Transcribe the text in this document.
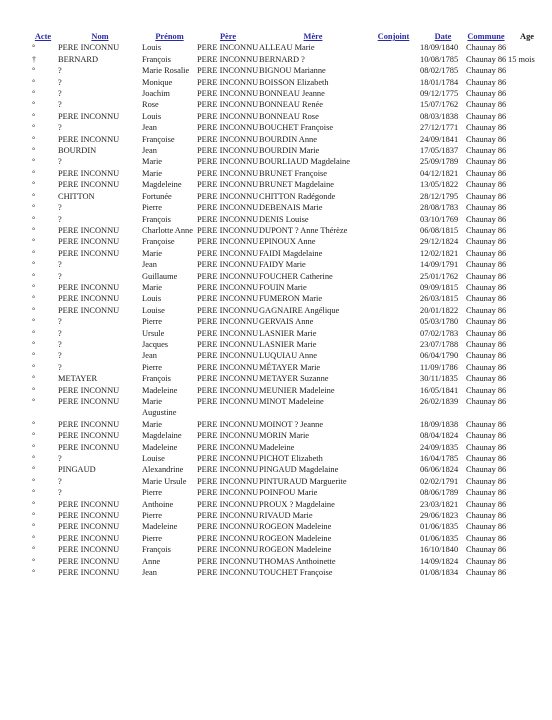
Acte	Nom	Prénom	Père	Mère	Conjoint	Date	Commune	Age
°	PERE INCONNU	Louis	PERE INCONNU	ALLEAU Marie		18/09/1840	Chaunay 86	
†	BERNARD	François	PERE INCONNU	BERNARD ?		10/08/1785	Chaunay 86	15 mois
°	?	Marie Rosalie	PERE INCONNU	BIGNOU Marianne		08/02/1785	Chaunay 86	
°	?	Monique	PERE INCONNU	BOISSON Elizabeth		18/01/1784	Chaunay 86	
°	?	Joachim	PERE INCONNU	BONNEAU Jeanne		09/12/1775	Chaunay 86	
°	?	Rose	PERE INCONNU	BONNEAU Renée		15/07/1762	Chaunay 86	
°	PERE INCONNU	Louis	PERE INCONNU	BONNEAU Rose		08/03/1838	Chaunay 86	
°	?	Jean	PERE INCONNU	BOUCHET Françoise		27/12/1771	Chaunay 86	
°	PERE INCONNU	Françoise	PERE INCONNU	BOURDIN Anne		24/09/1841	Chaunay 86	
°	BOURDIN	Jean	PERE INCONNU	BOURDIN Marie		17/05/1837	Chaunay 86	
°	?	Marie	PERE INCONNU	BOURLIAUD Magdelaine		25/09/1789	Chaunay 86	
°	PERE INCONNU	Marie	PERE INCONNU	BRUNET Françoise		04/12/1821	Chaunay 86	
°	PERE INCONNU	Magdeleine	PERE INCONNU	BRUNET Magdelaine		13/05/1822	Chaunay 86	
°	CHITTON	Fortunée	PERE INCONNU	CHITTON Radégonde		28/12/1795	Chaunay 86	
°	?	Pierre	PERE INCONNU	DEBENAIS Marie		28/08/1783	Chaunay 86	
°	?	François	PERE INCONNU	DENIS Louise		03/10/1769	Chaunay 86	
°	PERE INCONNU	Charlotte Anne	PERE INCONNU	DUPONT ? Anne Thérèze		06/08/1815	Chaunay 86	
°	PERE INCONNU	Françoise	PERE INCONNU	EPINOUX Anne		29/12/1824	Chaunay 86	
°	PERE INCONNU	Marie	PERE INCONNU	FAIDI Magdelaine		12/02/1821	Chaunay 86	
°	?	Jean	PERE INCONNU	FAIDY Marie		14/09/1791	Chaunay 86	
°	?	Guillaume	PERE INCONNU	FOUCHER Catherine		25/01/1762	Chaunay 86	
°	PERE INCONNU	Marie	PERE INCONNU	FOUIN Marie		09/09/1815	Chaunay 86	
°	PERE INCONNU	Louis	PERE INCONNU	FUMERON Marie		26/03/1815	Chaunay 86	
°	PERE INCONNU	Louise	PERE INCONNU	GAGNAIRE Angélique		20/01/1822	Chaunay 86	
°	?	Pierre	PERE INCONNU	GERVAIS Anne		05/03/1780	Chaunay 86	
°	?	Ursule	PERE INCONNU	LASNIER Marie		07/02/1783	Chaunay 86	
°	?	Jacques	PERE INCONNU	LASNIER Marie		23/07/1788	Chaunay 86	
°	?	Jean	PERE INCONNU	LUQUIAU Anne		06/04/1790	Chaunay 86	
°	?	Pierre	PERE INCONNU	MÉTAYER Marie		11/09/1786	Chaunay 86	
°	METAYER	François	PERE INCONNU	METAYER Suzanne		30/11/1835	Chaunay 86	
°	PERE INCONNU	Madeleine	PERE INCONNU	MEUNIER Madeleine		16/05/1841	Chaunay 86	
°	PERE INCONNU	Marie Augustine	PERE INCONNU	MINOT Madeleine		26/02/1839	Chaunay 86	
°	PERE INCONNU	Marie	PERE INCONNU	MOINOT ? Jeanne		18/09/1838	Chaunay 86	
°	PERE INCONNU	Magdelaine	PERE INCONNU	MORIN Marie		08/04/1824	Chaunay 86	
°	PERE INCONNU	Madeleine	PERE INCONNU	Madeleine		24/09/1835	Chaunay 86	
°	?	Louise	PERE INCONNU	PICHOT Elizabeth		16/04/1785	Chaunay 86	
°	PINGAUD	Alexandrine	PERE INCONNU	PINGAUD Magdelaine		06/06/1824	Chaunay 86	
°	?	Marie Ursule	PERE INCONNU	PINTURAUD Marguerite		02/02/1791	Chaunay 86	
°	?	Pierre	PERE INCONNU	POINFOU Marie		08/06/1789	Chaunay 86	
°	PERE INCONNU	Anthoine	PERE INCONNU	PROUX ? Magdelaine		23/03/1821	Chaunay 86	
°	PERE INCONNU	Pierre	PERE INCONNU	RIVAUD Marie		29/06/1823	Chaunay 86	
°	PERE INCONNU	Madeleine	PERE INCONNU	ROGEON Madeleine		01/06/1835	Chaunay 86	
°	PERE INCONNU	Pierre	PERE INCONNU	ROGEON Madeleine		01/06/1835	Chaunay 86	
°	PERE INCONNU	François	PERE INCONNU	ROGEON Madeleine		16/10/1840	Chaunay 86	
°	PERE INCONNU	Anne	PERE INCONNU	THOMAS Anthoinette		14/09/1824	Chaunay 86	
°	PERE INCONNU	Jean	PERE INCONNU	TOUCHET Françoise		01/08/1834	Chaunay 86	
